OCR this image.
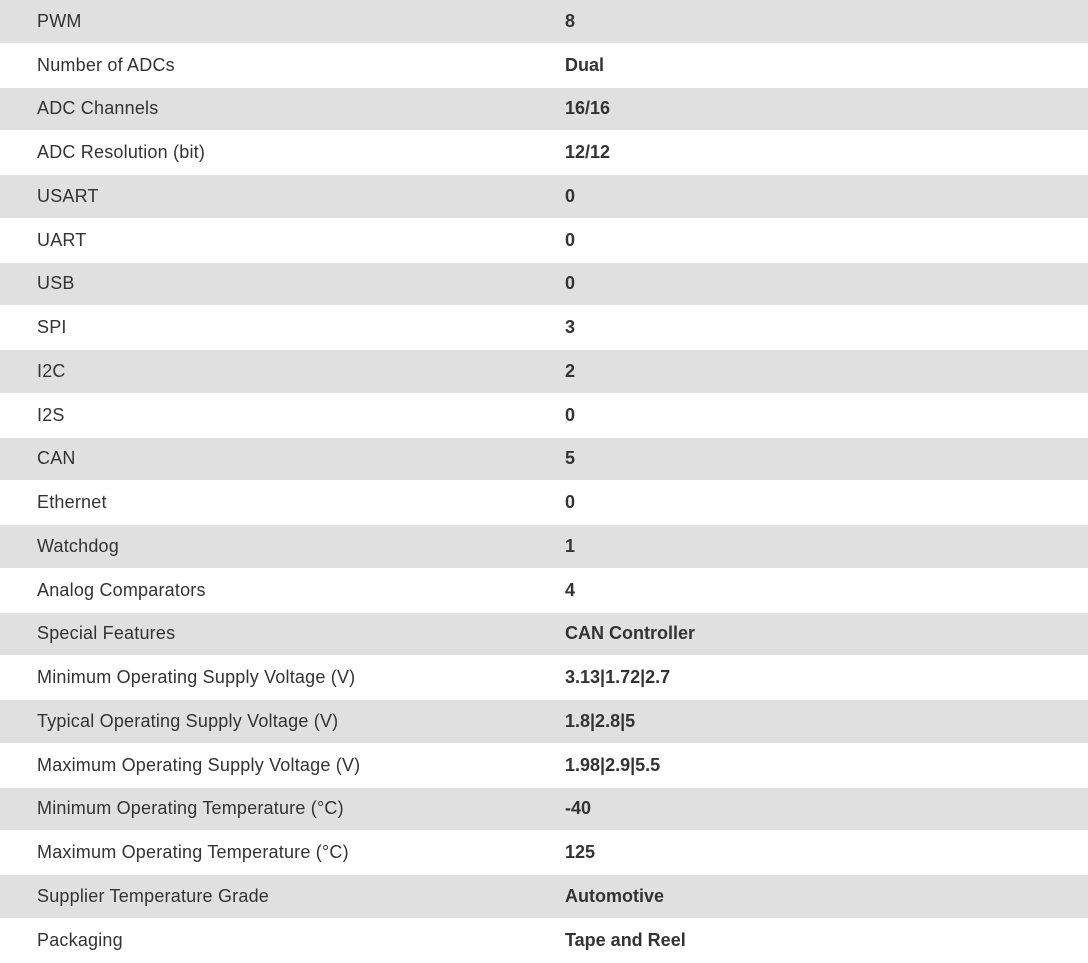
PWM	8
Number of ADCs	Dual
ADC Channels	16/16
ADC Resolution (bit)	12/12
USART	0
UART	0
USB	0
SPI	3
I2C	2
I2S	0
CAN	5
Ethernet	0
Watchdog	1
Analog Comparators	4
Special Features	CAN Controller
Minimum Operating Supply Voltage (V)	3.13|1.72|2.7
Typical Operating Supply Voltage (V)	1.8|2.8|5
Maximum Operating Supply Voltage (V)	1.98|2.9|5.5
Minimum Operating Temperature (°C)	-40
Maximum Operating Temperature (°C)	125
Supplier Temperature Grade	Automotive
Packaging	Tape and Reel
